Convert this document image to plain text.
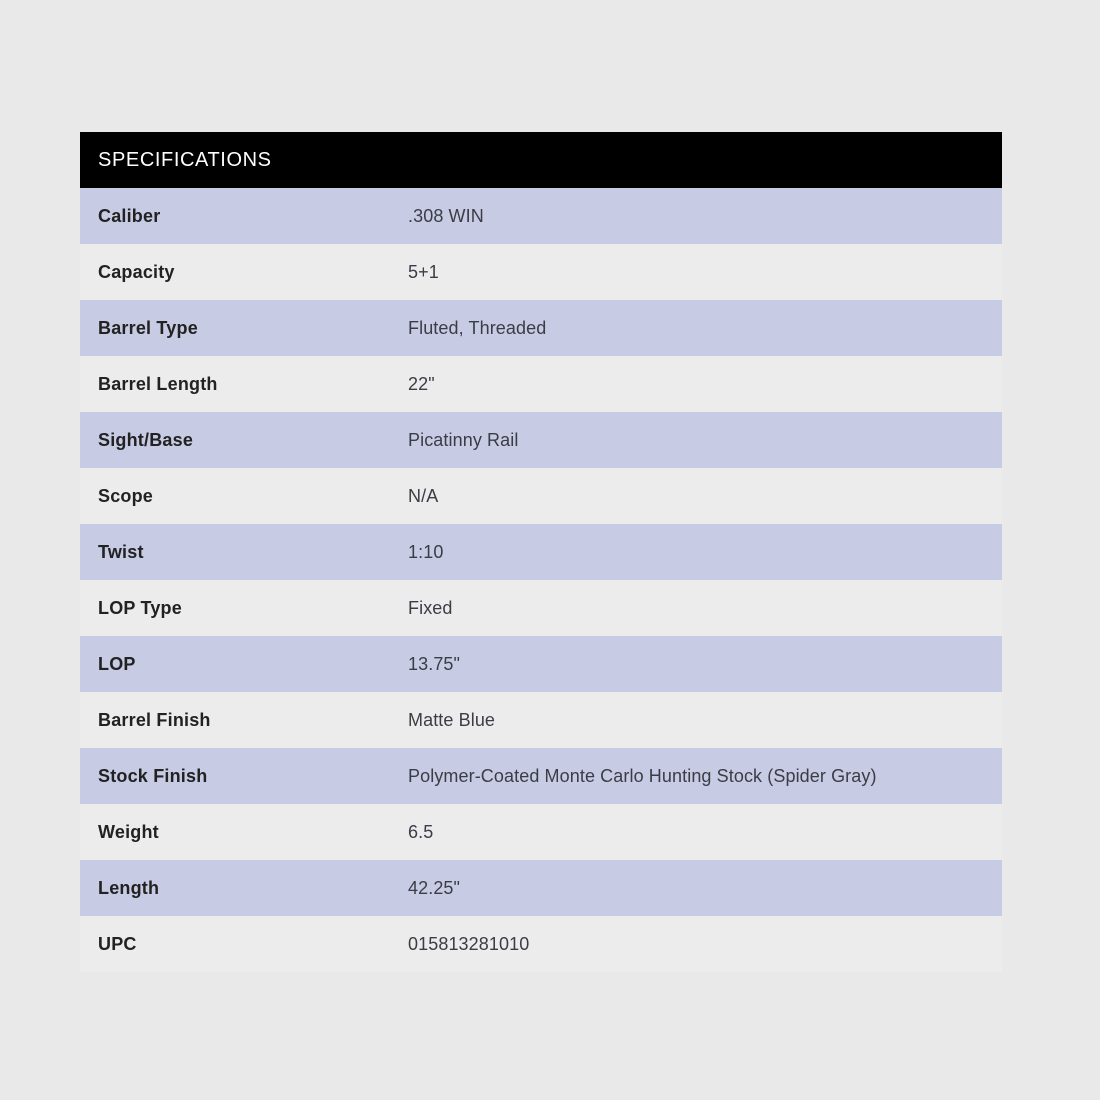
SPECIFICATIONS
Caliber	.308 WIN
Capacity	5+1
Barrel Type	Fluted, Threaded
Barrel Length	22"
Sight/Base	Picatinny Rail
Scope	N/A
Twist	1:10
LOP Type	Fixed
LOP	13.75"
Barrel Finish	Matte Blue
Stock Finish	Polymer-Coated Monte Carlo Hunting Stock (Spider Gray)
Weight	6.5
Length	42.25"
UPC	015813281010
